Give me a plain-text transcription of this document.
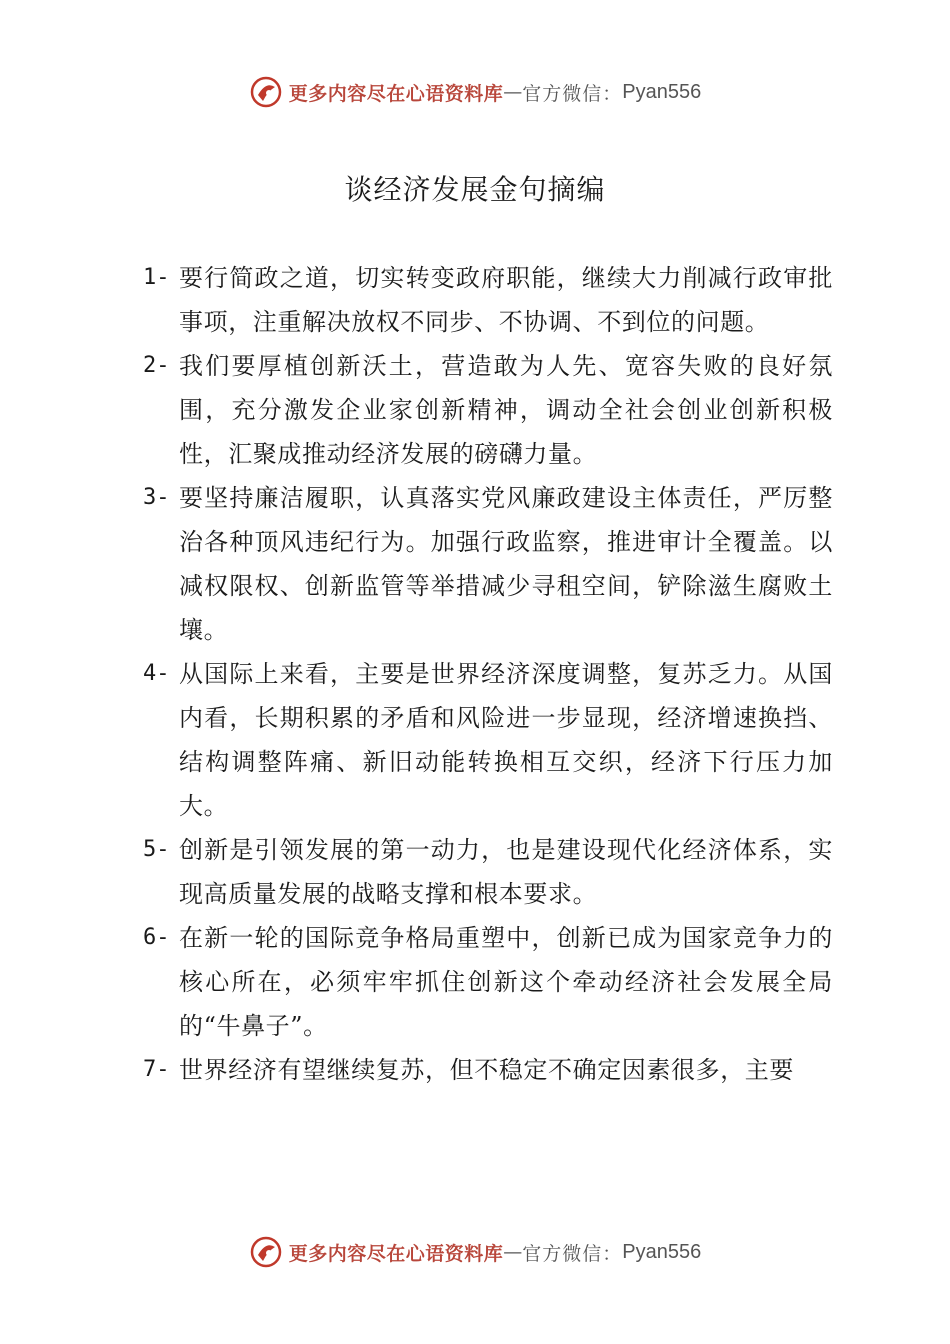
更多内容尽在心语资料库 — 官方微信： Pyan556
谈经济发展金句摘编
1- 要行简政之道，切实转变政府职能，继续大力削减行政审批事项，注重解决放权不同步、不协调、不到位的问题。
2- 我们要厚植创新沃土，营造敢为人先、宽容失败的良好氛围，充分激发企业家创新精神，调动全社会创业创新积极性，汇聚成推动经济发展的磅礴力量。
3- 要坚持廉洁履职，认真落实党风廉政建设主体责任，严厉整治各种顶风违纪行为。加强行政监察，推进审计全覆盖。以减权限权、创新监管等举措减少寻租空间，铲除滋生腐败土壤。
4- 从国际上来看，主要是世界经济深度调整，复苏乏力。从国内看，长期积累的矛盾和风险进一步显现，经济增速换挡、结构调整阵痛、新旧动能转换相互交织，经济下行压力加大。
5- 创新是引领发展的第一动力，也是建设现代化经济体系，实现高质量发展的战略支撑和根本要求。
6- 在新一轮的国际竞争格局重塑中，创新已成为国家竞争力的核心所在，必须牢牢抓住创新这个牵动经济社会发展全局的“牛鼻子”。
7- 世界经济有望继续复苏，但不稳定不确定因素很多，主要
更多内容尽在心语资料库 — 官方微信： Pyan556
